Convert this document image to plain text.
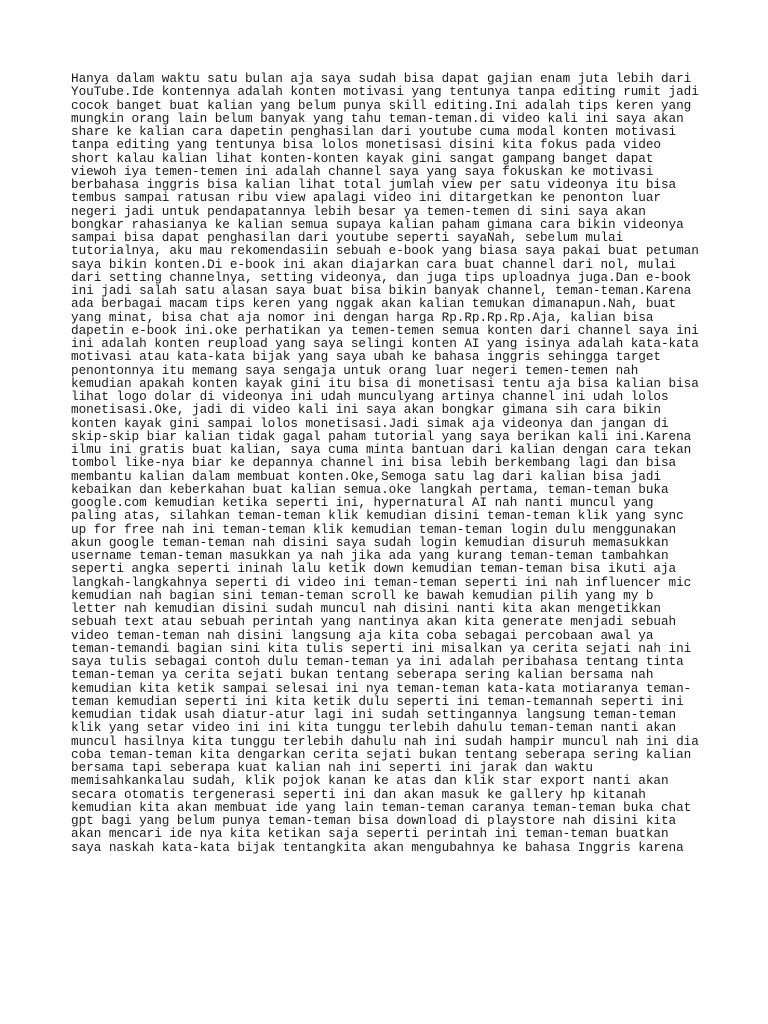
Hanya dalam waktu satu bulan aja saya sudah bisa dapat gajian enam juta lebih dari
YouTube.Ide kontennya adalah konten motivasi yang tentunya tanpa editing rumit jadi
cocok banget buat kalian yang belum punya skill editing.Ini adalah tips keren yang
mungkin orang lain belum banyak yang tahu teman-teman.di video kali ini saya akan
share ke kalian cara dapetin penghasilan dari youtube cuma modal konten motivasi
tanpa editing yang tentunya bisa lolos monetisasi disini kita fokus pada video
short kalau kalian lihat konten-konten kayak gini sangat gampang banget dapat
viewoh iya temen-temen ini adalah channel saya yang saya fokuskan ke motivasi
berbahasa inggris bisa kalian lihat total jumlah view per satu videonya itu bisa
tembus sampai ratusan ribu view apalagi video ini ditargetkan ke penonton luar
negeri jadi untuk pendapatannya lebih besar ya temen-temen di sini saya akan
bongkar rahasianya ke kalian semua supaya kalian paham gimana cara bikin videonya
sampai bisa dapat penghasilan dari youtube seperti sayaNah, sebelum mulai
tutorialnya, aku mau rekomendasiin sebuah e-book yang biasa saya pakai buat petuman
saya bikin konten.Di e-book ini akan diajarkan cara buat channel dari nol, mulai
dari setting channelnya, setting videonya, dan juga tips uploadnya juga.Dan e-book
ini jadi salah satu alasan saya buat bisa bikin banyak channel, teman-teman.Karena
ada berbagai macam tips keren yang nggak akan kalian temukan dimanapun.Nah, buat
yang minat, bisa chat aja nomor ini dengan harga Rp.Rp.Rp.Rp.Aja, kalian bisa
dapetin e-book ini.oke perhatikan ya temen-temen semua konten dari channel saya ini
ini adalah konten reupload yang saya selingi konten AI yang isinya adalah kata-kata
motivasi atau kata-kata bijak yang saya ubah ke bahasa inggris sehingga target
penontonnya itu memang saya sengaja untuk orang luar negeri temen-temen nah
kemudian apakah konten kayak gini itu bisa di monetisasi tentu aja bisa kalian bisa
lihat logo dolar di videonya ini udah munculyang artinya channel ini udah lolos
monetisasi.Oke, jadi di video kali ini saya akan bongkar gimana sih cara bikin
konten kayak gini sampai lolos monetisasi.Jadi simak aja videonya dan jangan di
skip-skip biar kalian tidak gagal paham tutorial yang saya berikan kali ini.Karena
ilmu ini gratis buat kalian, saya cuma minta bantuan dari kalian dengan cara tekan
tombol like-nya biar ke depannya channel ini bisa lebih berkembang lagi dan bisa
membantu kalian dalam membuat konten.Oke,Semoga satu lag dari kalian bisa jadi
kebaikan dan keberkahan buat kalian semua.oke langkah pertama, teman-teman buka
google.com kemudian ketika seperti ini, hypernatural AI nah nanti muncul yang
paling atas, silahkan teman-teman klik kemudian disini teman-teman klik yang sync
up for free nah ini teman-teman klik kemudian teman-teman login dulu menggunakan
akun google teman-teman nah disini saya sudah login kemudian disuruh memasukkan
username teman-teman masukkan ya nah jika ada yang kurang teman-teman tambahkan
seperti angka seperti ininah lalu ketik down kemudian teman-teman bisa ikuti aja
langkah-langkahnya seperti di video ini teman-teman seperti ini nah influencer mic
kemudian nah bagian sini teman-teman scroll ke bawah kemudian pilih yang my b
letter nah kemudian disini sudah muncul nah disini nanti kita akan mengetikkan
sebuah text atau sebuah perintah yang nantinya akan kita generate menjadi sebuah
video teman-teman nah disini langsung aja kita coba sebagai percobaan awal ya
teman-temandi bagian sini kita tulis seperti ini misalkan ya cerita sejati nah ini
saya tulis sebagai contoh dulu teman-teman ya ini adalah peribahasa tentang tinta
teman-teman ya cerita sejati bukan tentang seberapa sering kalian bersama nah
kemudian kita ketik sampai selesai ini nya teman-teman kata-kata motiaranya teman-
teman kemudian seperti ini kita ketik dulu seperti ini teman-temannah seperti ini
kemudian tidak usah diatur-atur lagi ini sudah settingannya langsung teman-teman
klik yang setar video ini ini kita tunggu terlebih dahulu teman-teman nanti akan
muncul hasilnya kita tunggu terlebih dahulu nah ini sudah hampir muncul nah ini dia
coba teman-teman kita dengarkan cerita sejati bukan tentang seberapa sering kalian
bersama tapi seberapa kuat kalian nah ini seperti ini jarak dan waktu
memisahkankalau sudah, klik pojok kanan ke atas dan klik star export nanti akan
secara otomatis tergenerasi seperti ini dan akan masuk ke gallery hp kitanah
kemudian kita akan membuat ide yang lain teman-teman caranya teman-teman buka chat
gpt bagi yang belum punya teman-teman bisa download di playstore nah disini kita
akan mencari ide nya kita ketikan saja seperti perintah ini teman-teman buatkan
saya naskah kata-kata bijak tentangkita akan mengubahnya ke bahasa Inggris karena
